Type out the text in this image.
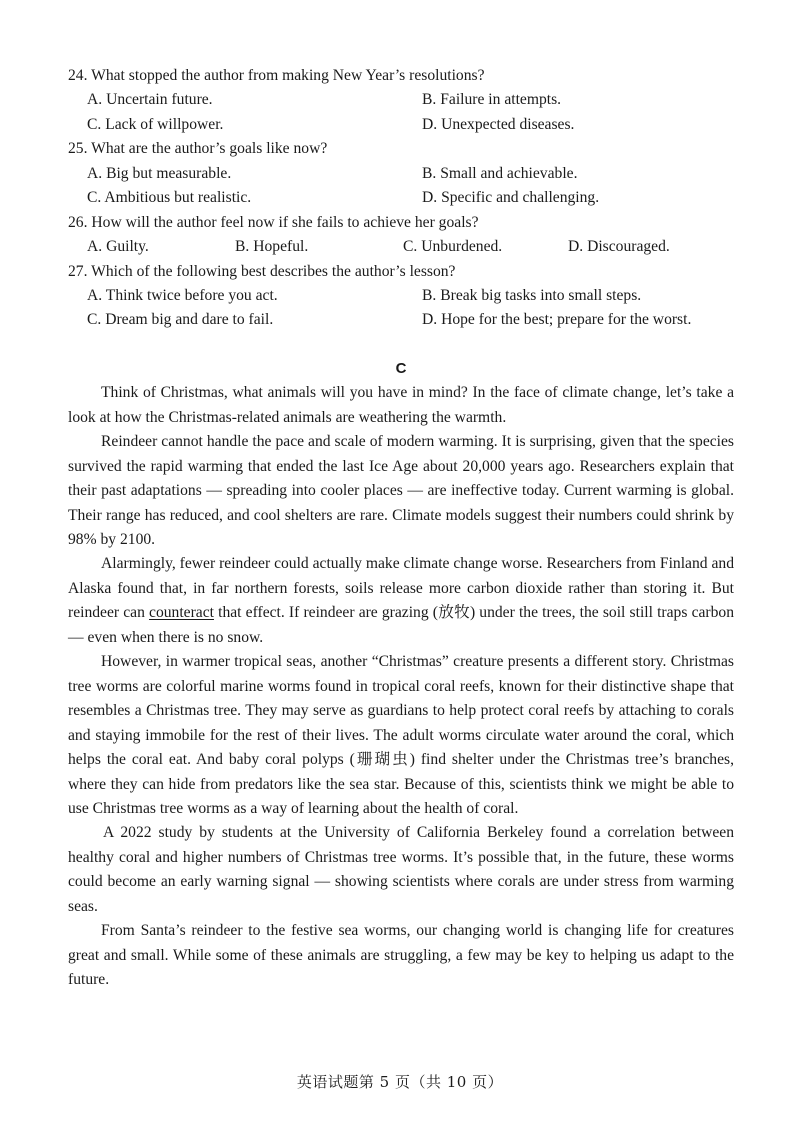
24. What stopped the author from making New Year’s resolutions?
A. Uncertain future.	B. Failure in attempts.
C. Lack of willpower.	D. Unexpected diseases.
25. What are the author’s goals like now?
A. Big but measurable.	B. Small and achievable.
C. Ambitious but realistic.	D. Specific and challenging.
26. How will the author feel now if she fails to achieve her goals?
A. Guilty.	B. Hopeful.	C. Unburdened.	D. Discouraged.
27. Which of the following best describes the author’s lesson?
A. Think twice before you act.	B. Break big tasks into small steps.
C. Dream big and dare to fail.	D. Hope for the best; prepare for the worst.
C

Think of Christmas, what animals will you have in mind? In the face of climate change, let’s take a look at how the Christmas-related animals are weathering the warmth.

Reindeer cannot handle the pace and scale of modern warming. It is surprising, given that the species survived the rapid warming that ended the last Ice Age about 20,000 years ago. Researchers explain that their past adaptations — spreading into cooler places — are ineffective today. Current warming is global. Their range has reduced, and cool shelters are rare. Climate models suggest their numbers could shrink by 98% by 2100.

Alarmingly, fewer reindeer could actually make climate change worse. Researchers from Finland and Alaska found that, in far northern forests, soils release more carbon dioxide rather than storing it. But reindeer can counteract that effect. If reindeer are grazing (放牧) under the trees, the soil still traps carbon — even when there is no snow.

However, in warmer tropical seas, another “Christmas” creature presents a different story. Christmas tree worms are colorful marine worms found in tropical coral reefs, known for their distinctive shape that resembles a Christmas tree. They may serve as guardians to help protect coral reefs by attaching to corals and staying immobile for the rest of their lives. The adult worms circulate water around the coral, which helps the coral eat. And baby coral polyps (珊瑚虫) find shelter under the Christmas tree’s branches, where they can hide from predators like the sea star. Because of this, scientists think we might be able to use Christmas tree worms as a way of learning about the health of coral.

A 2022 study by students at the University of California Berkeley found a correlation between healthy coral and higher numbers of Christmas tree worms. It’s possible that, in the future, these worms could become an early warning signal — showing scientists where corals are under stress from warming seas.

From Santa’s reindeer to the festive sea worms, our changing world is changing life for creatures great and small. While some of these animals are struggling, a few may be key to helping us adapt to the future.

英语试题第 5 页（共 10 页）
